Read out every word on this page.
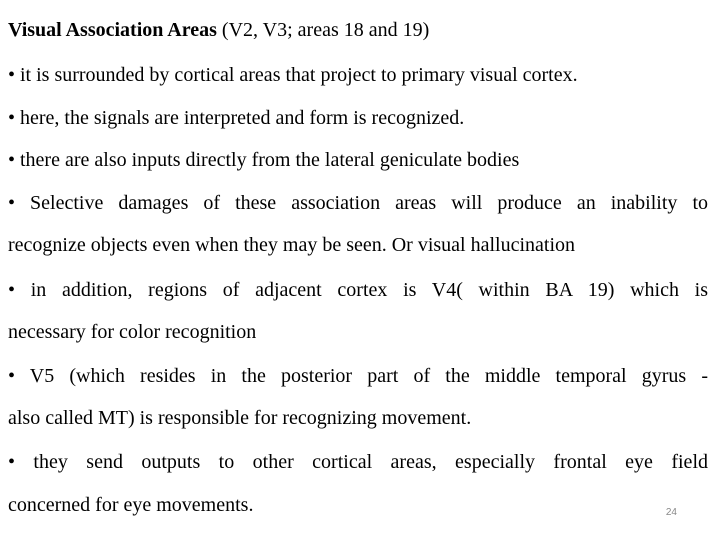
Visual Association Areas (V2, V3; areas 18 and 19)
• it is surrounded by cortical areas that project to primary visual cortex.
• here, the signals are interpreted and form is recognized.
• there are also inputs directly from the lateral geniculate bodies
• Selective damages of these association areas will produce an inability to
recognize objects even when they may be seen. Or visual hallucination
• in addition, regions of adjacent cortex is V4( within BA 19) which is
necessary for color recognition
• V5 (which resides in the posterior part of the middle temporal gyrus -
also called MT) is responsible for recognizing movement.
• they send outputs to other cortical areas, especially frontal eye field
concerned for eye movements.	24
